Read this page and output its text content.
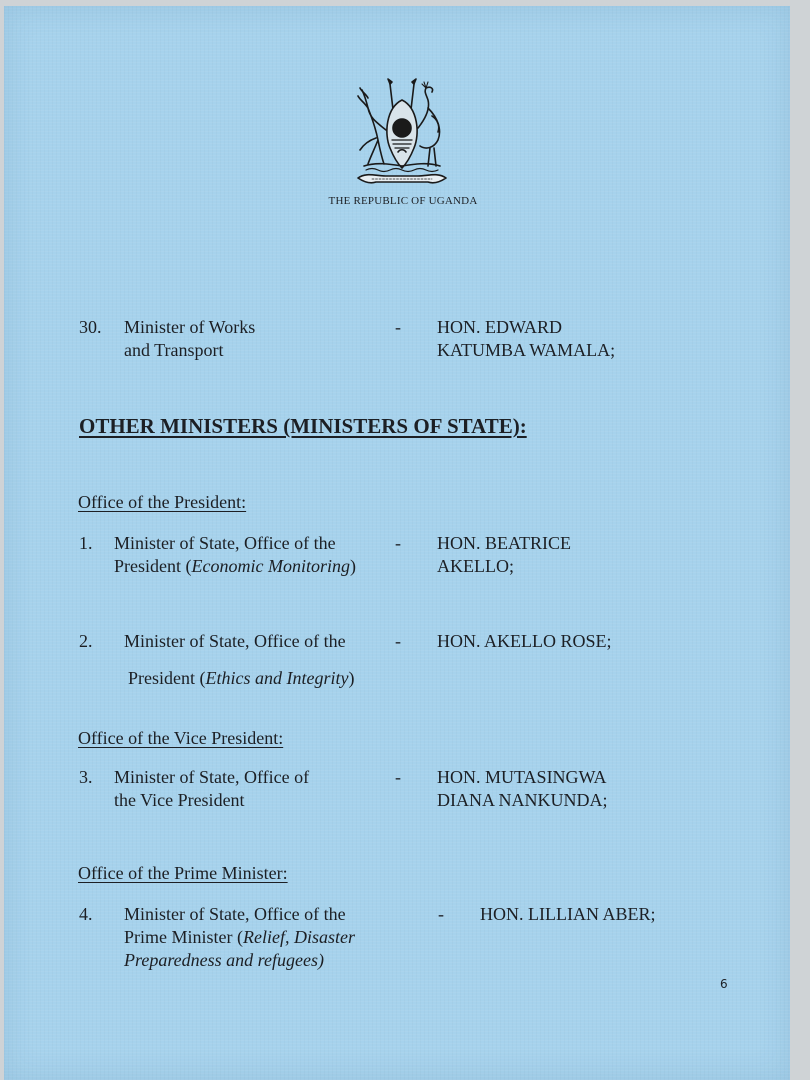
THE REPUBLIC OF UGANDA
30. Minister of Works
and Transport
- HON. EDWARD
KATUMBA WAMALA;
OTHER MINISTERS (MINISTERS OF STATE):
Office of the President:
1. Minister of State, Office of the
President (Economic Monitoring)
- HON. BEATRICE
AKELLO;
2. Minister of State, Office of the
President (Ethics and Integrity)
- HON. AKELLO ROSE;
Office of the Vice President:
3. Minister of State, Office of
the Vice President
- HON. MUTASINGWA
DIANA NANKUNDA;
Office of the Prime Minister:
4. Minister of State, Office of the
Prime Minister (Relief, Disaster
Preparedness and refugees)
- HON. LILLIAN ABER;
6
